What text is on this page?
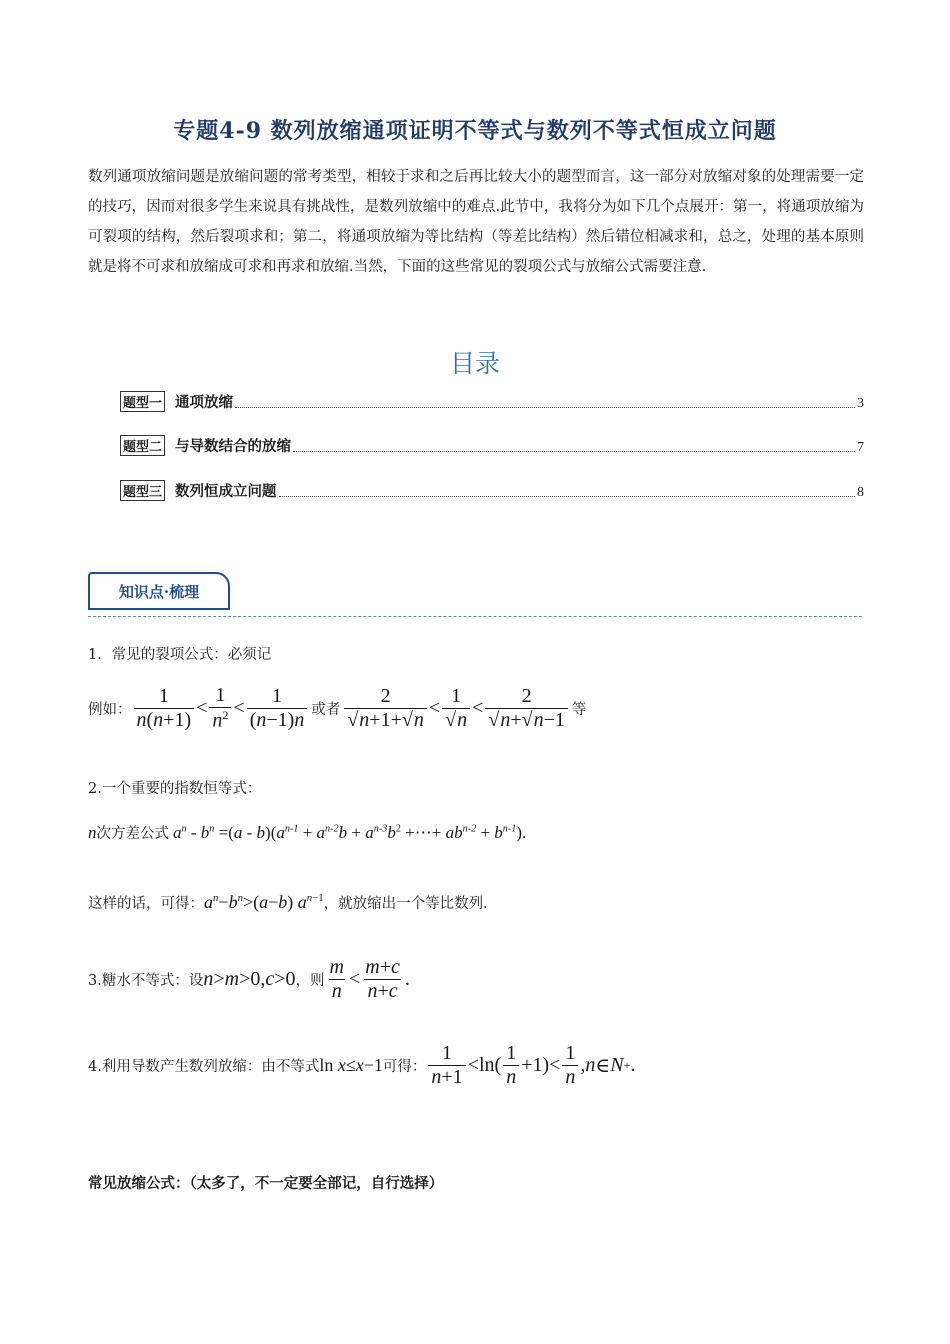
专题4-9 数列放缩通项证明不等式与数列不等式恒成立问题
数列通项放缩问题是放缩问题的常考类型，相较于求和之后再比较大小的题型而言，这一部分对放缩对象的处理需要一定的技巧，因而对很多学生来说具有挑战性，是数列放缩中的难点.此节中，我将分为如下几个点展开：第一，将通项放缩为可裂项的结构，然后裂项求和；第二，将通项放缩为等比结构（等差比结构）然后错位相减求和，总之，处理的基本原则就是将不可求和放缩成可求和再求和放缩.当然，下面的这些常见的裂项公式与放缩公式需要注意.
目录
题型一 通项放缩	3
题型二 与导数结合的放缩	7
题型三 数列恒成立问题	8
知识点·梳理
1．常见的裂项公式：必须记
例如： $\frac{1}{n(n+1)} < \frac{1}{n^2} < \frac{1}{(n-1)n}$ 或者 $\frac{2}{√n+1+√n} < \frac{1}{√n} < \frac{2}{√n+√n-1}$ 等
2.一个重要的指数恒等式：
n 次方差公式 $a^n - b^n =(a - b)(a^{n-1} + a^{n-2}b + a^{n-3}b^2$ +⋯+ $ab^{n-2} + b^{n-1}$).
这样的话，可得： $a^n-b^n>(a-b)$ $a^{n-1}$ ，就放缩出一个等比数列.
3.糖水不等式：设 n>m>0,c>0 ，则 $\frac{m}{n} < \frac{m+c}{n+c}$ .
4.利用导数产生数列放缩：由不等式 ln x≤x−1 可得： $\frac{1}{n+1} <\ln( \frac{1}{n} +1)< \frac{1}{n}$ , n ∈ N + .
常见放缩公式：（太多了，不一定要全部记，自行选择）
